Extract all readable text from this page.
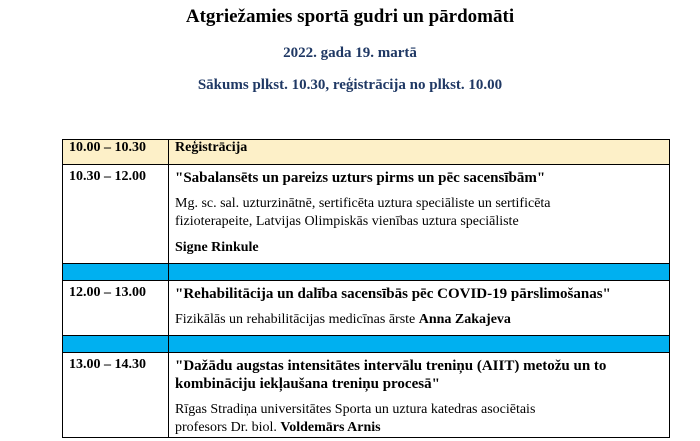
Atgriežamies sportā gudri un pārdomāti
2022. gada 19. martā
Sākums plkst. 10.30, reģistrācija no plkst. 10.00
10.00 – 10.30	Reģistrācija
10.30 – 12.00	"Sabalansēts un pareizs uzturs pirms un pēc sacensībām"
Mg. sc. sal. uzturzinātnē, sertificēta uztura speciāliste un sertificēta
fizioterapeite, Latvijas Olimpiskās vienības uztura speciāliste
Signe Rinkule

12.00 – 13.00	"Rehabilitācija un dalība sacensībās pēc COVID-19 pārslimošanas"
Fizikālās un rehabilitācijas medicīnas ārste Anna Zakajeva

13.00 – 14.30	"Dažādu augstas intensitātes intervālu treniņu (AIIT) metožu un to
kombināciju iekļaušana treniņu procesā"
Rīgas Stradiņa universitātes Sporta un uztura katedras asociētais
profesors Dr. biol. Voldemārs Arnis
